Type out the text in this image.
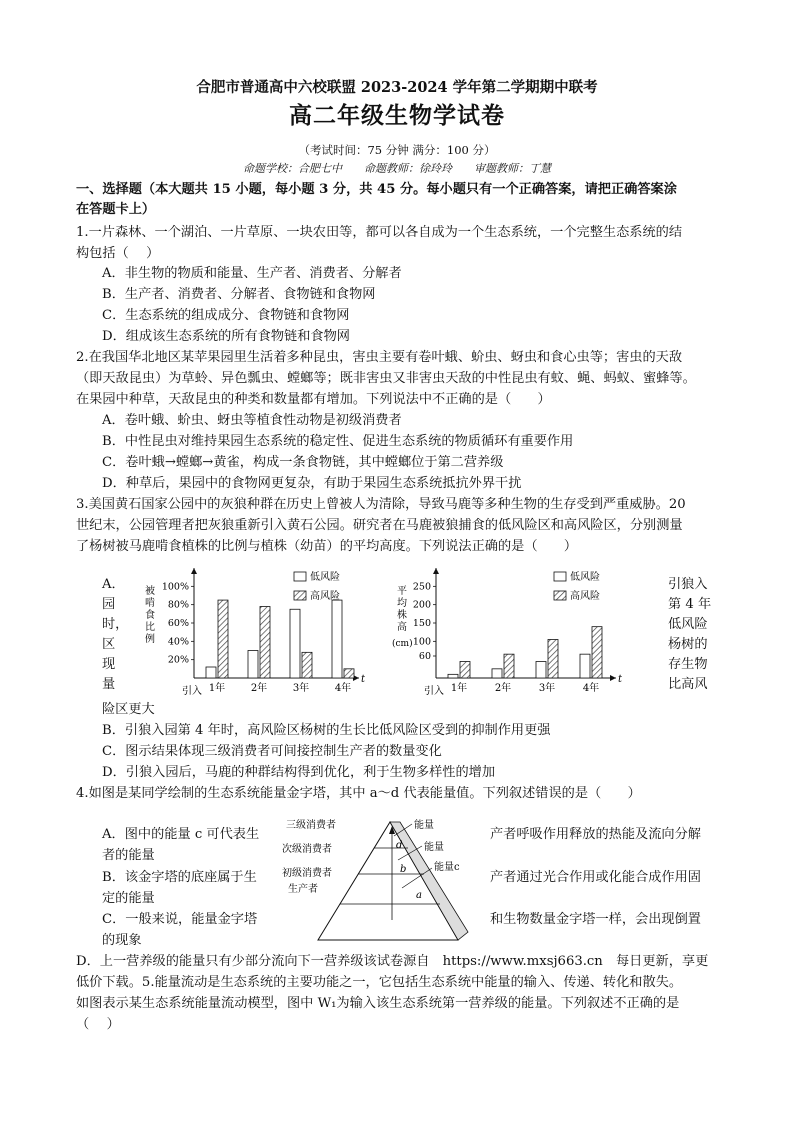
合肥市普通高中六校联盟 2023-2024 学年第二学期期中联考
高二年级生物学试卷
（考试时间：75 分钟 满分：100 分）
命题学校：合肥七中　　命题教师：徐玲玲　　审题教师：丁慧
一、选择题（本大题共 15 小题，每小题 3 分，共 45 分。每小题只有一个正确答案，请把正确答案涂
在答题卡上）
1.一片森林、一个湖泊、一片草原、一块农田等，都可以各自成为一个生态系统，一个完整生态系统的结
构包括（　 ）
A．非生物的物质和能量、生产者、消费者、分解者
B．生产者、消费者、分解者、食物链和食物网
C．生态系统的组成成分、食物链和食物网
D．组成该生态系统的所有食物链和食物网
2.在我国华北地区某苹果园里生活着多种昆虫，害虫主要有卷叶蛾、蚧虫、蚜虫和食心虫等；害虫的天敌
（即天敌昆虫）为草蛉、异色瓢虫、螳螂等；既非害虫又非害虫天敌的中性昆虫有蚊、蝇、蚂蚁、蜜蜂等。
在果园中种草，天敌昆虫的种类和数量都有增加。下列说法中不正确的是（　　）
A．卷叶蛾、蚧虫、蚜虫等植食性动物是初级消费者
B．中性昆虫对维持果园生态系统的稳定性、促进生态系统的物质循环有重要作用
C．卷叶蛾→螳螂→黄雀，构成一条食物链，其中螳螂位于第二营养级
D．种草后，果园中的食物网更复杂，有助于果园生态系统抵抗外界干扰
3.美国黄石国家公园中的灰狼种群在历史上曾被人为清除，导致马鹿等多种生物的生存受到严重威胁。20
世纪末，公园管理者把灰狼重新引入黄石公园。研究者在马鹿被狼捕食的低风险区和高风险区，分别测量
了杨树被马鹿啃食植株的比例与植株（幼苗）的平均高度。下列说法正确的是（　　）
A．
园
时，
区
现
量
引狼入
第 4 年
低风险
杨树的
存生物
比高风
t
引入
20%
40%
60%
80%
100%
被
啃
食
比
例
1年	2年	3年	4年
低风险
高风险
t
引入
60
100
150
200
250
平
均
株
高
(cm)
1年	2年	3年	4年
低风险
高风险
险区更大
B．引狼入园第 4 年时，高风险区杨树的生长比低风险区受到的抑制作用更强
C．图示结果体现三级消费者可间接控制生产者的数量变化
D．引狼入园后，马鹿的种群结构得到优化，利于生物多样性的增加
4.如图是某同学绘制的生态系统能量金字塔，其中 a～d 代表能量值。下列叙述错误的是（　　）
A．图中的能量 c 可代表生	产者呼吸作用释放的热能及流向分解
者的能量
B．该金字塔的底座属于生	产者通过光合作用或化能合成作用固
定的能量
C．一般来说，能量金字塔	和生物数量金字塔一样，会出现倒置
的现象
三级消费者
次级消费者
初级消费者
生产者
能量
能量
能量c
d
b
a
D．上一营养级的能量只有少部分流向下一营养级该试卷源自　https://www.mxsj663.cn　每日更新，享更
低价下载。5.能量流动是生态系统的主要功能之一，它包括生态系统中能量的输入、传递、转化和散失。
如图表示某生态系统能量流动模型，图中 W₁为输入该生态系统第一营养级的能量。下列叙述不正确的是
（　 ）
